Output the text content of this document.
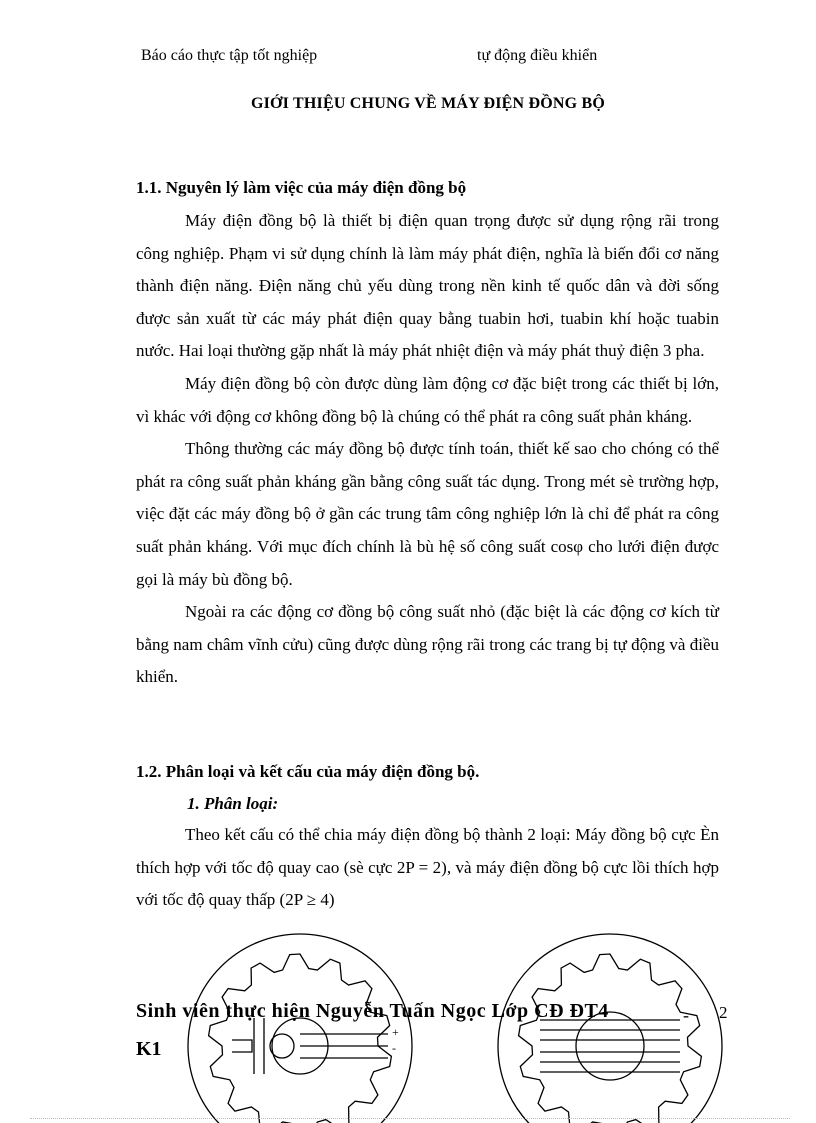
Báo cáo thực tập tốt nghiệp	tự động điều khiển
GIỚI THIỆU CHUNG VỀ MÁY ĐIỆN ĐỒNG BỘ
1.1. Nguyên lý làm việc của máy điện đồng bộ

Máy điện đồng bộ là thiết bị điện quan trọng được sử dụng rộng rãi trong công nghiệp. Phạm vi sử dụng chính là làm máy phát điện, nghĩa là biến đổi cơ năng thành điện năng. Điện năng chủ yếu dùng trong nền kinh tế quốc dân và đời sống được sản xuất từ các máy phát điện quay bằng tuabin hơi, tuabin khí hoặc tuabin nước. Hai loại thường gặp nhất là máy phát nhiệt điện và máy phát thuỷ điện 3 pha.

Máy điện đồng bộ còn được dùng làm động cơ đặc biệt trong các thiết bị lớn, vì khác với động cơ không đồng bộ là chúng có thể phát ra công suất phản kháng.

Thông thường các máy đồng bộ được tính toán, thiết kế sao cho chóng có thể phát ra công suất phản kháng gần bằng công suất tác dụng. Trong mét sè trường hợp, việc đặt các máy đồng bộ ở gần các trung tâm công nghiệp lớn là chỉ để phát ra công suất phản kháng. Với mục đích chính là bù hệ số công suất cosφ cho lưới điện được gọi là máy bù đồng bộ.

Ngoài ra các động cơ đồng bộ công suất nhỏ (đặc biệt là các động cơ kích từ bằng nam châm vĩnh cửu) cũng được dùng rộng rãi trong các trang bị tự động và điều khiển.

1.2. Phân loại và kết cấu của máy điện đồng bộ.
1. Phân loại:

Theo kết cấu có thể chia máy điện đồng bộ thành 2 loại: Máy đồng bộ cực Èn thích hợp với tốc độ quay cao (sè cực 2P = 2), và máy điện đồng bộ cực lồi thích hợp với tốc độ quay thấp (2P ≥ 4)

+
-
Sinh viên thực hiện Nguyễn Tuấn Ngọc Lớp CĐ ĐT4	- 2
K1
